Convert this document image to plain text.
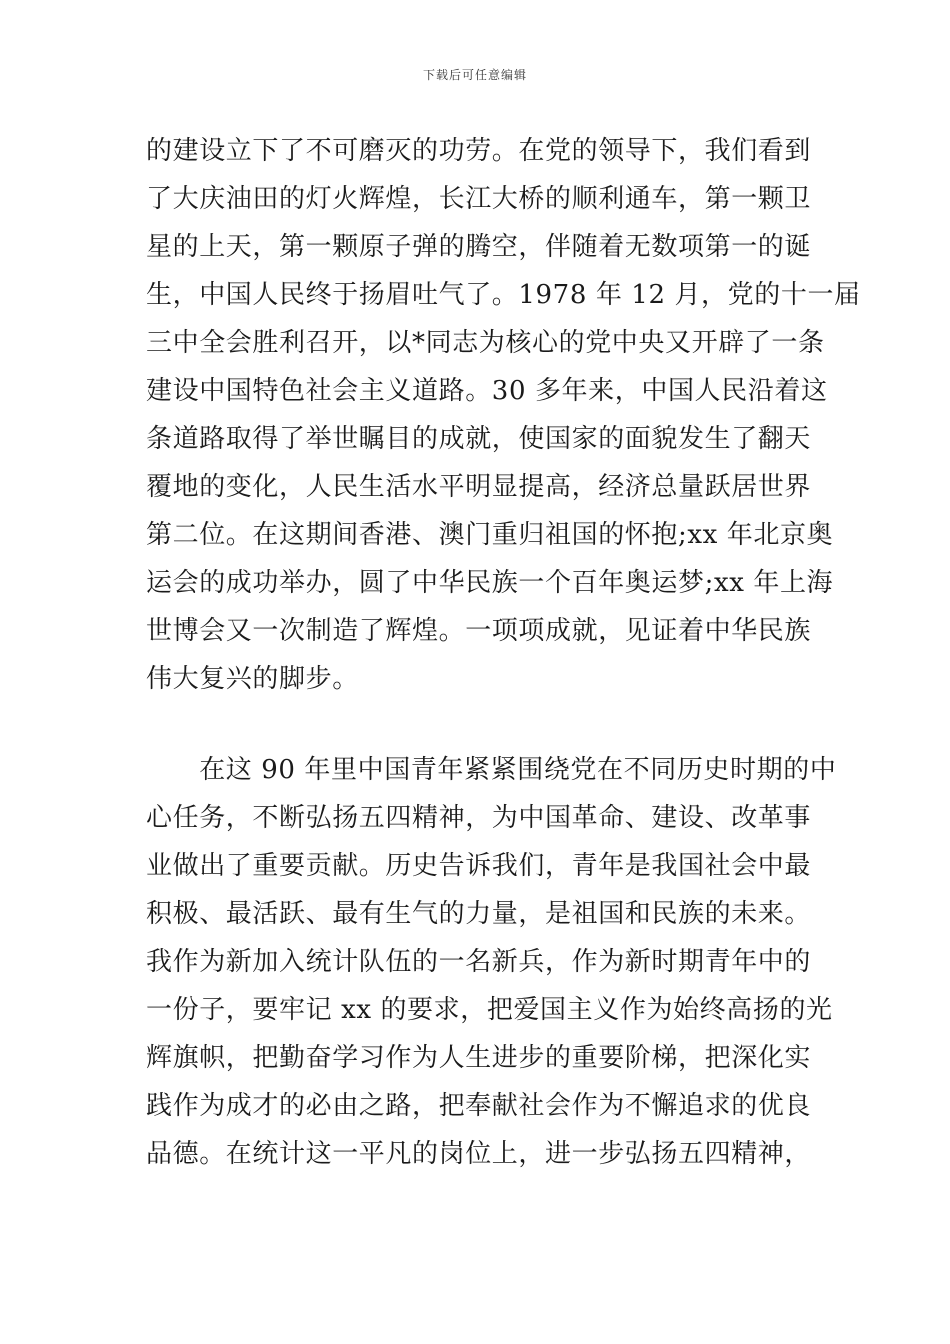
下载后可任意编辑
的建设立下了不可磨灭的功劳。在党的领导下，我们看到
了大庆油田的灯火辉煌，长江大桥的顺利通车，第一颗卫
星的上天，第一颗原子弹的腾空，伴随着无数项第一的诞
生，中国人民终于扬眉吐气了。1978 年 12 月，党的十一届
三中全会胜利召开，以*同志为核心的党中央又开辟了一条
建设中国特色社会主义道路。30 多年来，中国人民沿着这
条道路取得了举世瞩目的成就，使国家的面貌发生了翻天
覆地的变化，人民生活水平明显提高，经济总量跃居世界
第二位。在这期间香港、澳门重归祖国的怀抱;xx 年北京奥
运会的成功举办，圆了中华民族一个百年奥运梦;xx 年上海
世博会又一次制造了辉煌。一项项成就，见证着中华民族
伟大复兴的脚步。
　　在这 90 年里中国青年紧紧围绕党在不同历史时期的中
心任务，不断弘扬五四精神，为中国革命、建设、改革事
业做出了重要贡献。历史告诉我们，青年是我国社会中最
积极、最活跃、最有生气的力量，是祖国和民族的未来。
我作为新加入统计队伍的一名新兵，作为新时期青年中的
一份子，要牢记 xx 的要求，把爱国主义作为始终高扬的光
辉旗帜，把勤奋学习作为人生进步的重要阶梯，把深化实
践作为成才的必由之路，把奉献社会作为不懈追求的优良
品德。在统计这一平凡的岗位上，进一步弘扬五四精神，
